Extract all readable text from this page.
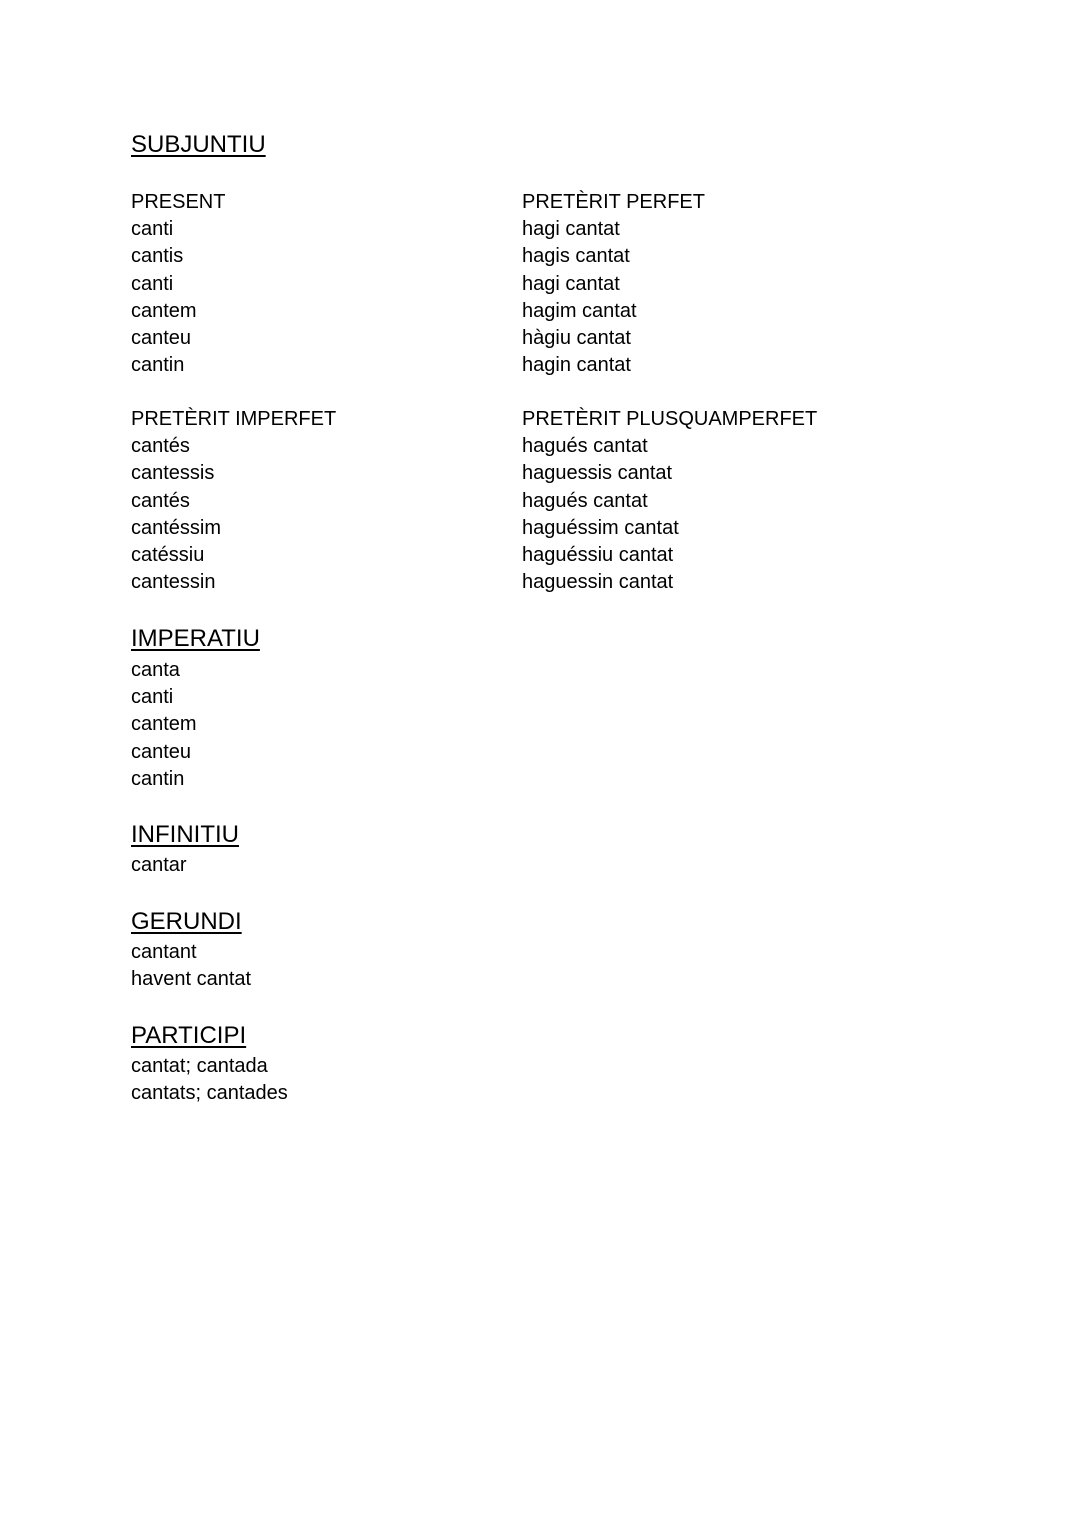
SUBJUNTIU
PRESENT
canti
cantis
canti
cantem
canteu
cantin
PRETÈRIT PERFET
hagi cantat
hagis cantat
hagi cantat
hagim cantat
hàgiu cantat
hagin cantat
PRETÈRIT IMPERFET
cantés
cantessis
cantés
cantéssim
catéssiu
cantessin
PRETÈRIT PLUSQUAMPERFET
hagués cantat
haguessis cantat
hagués cantat
haguéssim cantat
haguéssiu cantat
haguessin cantat
IMPERATIU
canta
canti
cantem
canteu
cantin
INFINITIU
cantar
GERUNDI
cantant
havent cantat
PARTICIPI
cantat; cantada
cantats; cantades
